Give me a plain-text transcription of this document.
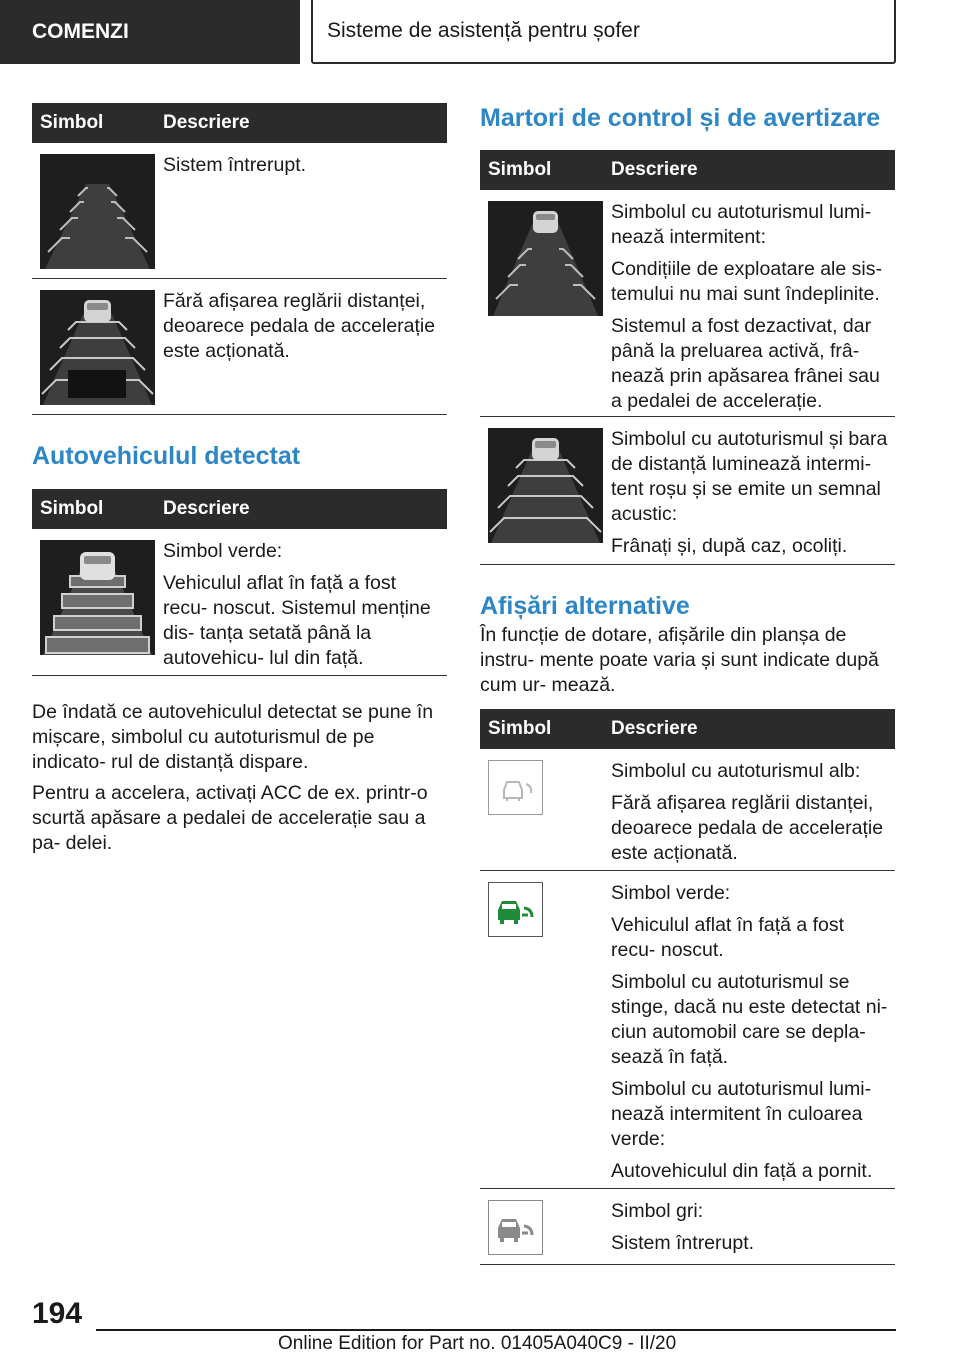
COMENZI	Sisteme de asistență pentru șofer
Simbol	Descriere

Sistem întrerupt.

Fără afișarea reglării distanței, deoarece pedala de accelerație este acționată.

Autovehiculul detectat
Simbol	Descriere

Simbol verde:

Vehiculul aflat în față a fost recu- noscut. Sistemul menține dis- tanța setată până la autovehicu- lul din față.

De îndată ce autovehiculul detectat se pune în mișcare, simbolul cu autoturismul de pe indicato- rul de distanță dispare.

Pentru a accelera, activați ACC de ex. printr-o scurtă apăsare a pedalei de accelerație sau a pa- delei.

Martori de control și de avertizare
Simbol	Descriere

Simbolul cu autoturismul lumi- nează intermitent:

Condițiile de exploatare ale sis- temului nu mai sunt îndeplinite.

Sistemul a fost dezactivat, dar până la preluarea activă, frâ- nează prin apăsarea frânei sau a pedalei de accelerație.

Simbolul cu autoturismul și bara de distanță luminează intermi- tent roșu și se emite un semnal acustic:

Frânați și, după caz, ocoliți.

Afișări alternative

În funcție de dotare, afișările din planșa de instru- mente poate varia și sunt indicate după cum ur- mează.

Simbol	Descriere

Simbolul cu autoturismul alb:

Fără afișarea reglării distanței, deoarece pedala de accelerație este acționată.

Simbol verde:

Vehiculul aflat în față a fost recu- noscut.

Simbolul cu autoturismul se stinge, dacă nu este detectat ni- ciun automobil care se depla- sează în față.

Simbolul cu autoturismul lumi- nează intermitent în culoarea verde:

Autovehiculul din față a pornit.

Simbol gri:

Sistem întrerupt.

194
Online Edition for Part no. 01405A040C9 - II/20
